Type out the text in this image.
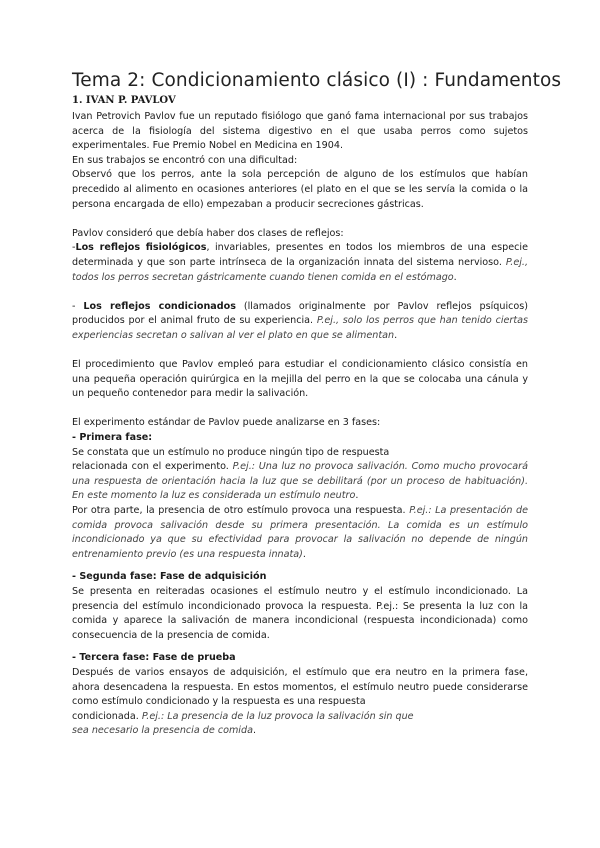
Tema 2: Condicionamiento clásico (I) : Fundamentos
1. IVAN P. PAVLOV

Ivan Petrovich Pavlov fue un reputado fisiólogo que ganó fama internacional por sus trabajos acerca de la fisiología del sistema digestivo en el que usaba perros como sujetos experimentales. Fue Premio Nobel en Medicina en 1904.

En sus trabajos se encontró con una dificultad:

Observó que los perros, ante la sola percepción de alguno de los estímulos que habían precedido al alimento en ocasiones anteriores (el plato en el que se les servía la comida o la persona encargada de ello) empezaban a producir secreciones gástricas.

Pavlov consideró que debía haber dos clases de reflejos:

-Los reflejos fisiológicos, invariables, presentes en todos los miembros de una especie determinada y que son parte intrínseca de la organización innata del sistema nervioso. P.ej., todos los perros secretan gástricamente cuando tienen comida en el estómago.

- Los reflejos condicionados (llamados originalmente por Pavlov reflejos psíquicos) producidos por el animal fruto de su experiencia. P.ej., solo los perros que han tenido ciertas experiencias secretan o salivan al ver el plato en que se alimentan.

El procedimiento que Pavlov empleó para estudiar el condicionamiento clásico consistía en una pequeña operación quirúrgica en la mejilla del perro en la que se colocaba una cánula y un pequeño contenedor para medir la salivación.

El experimento estándar de Pavlov puede analizarse en 3 fases:

- Primera fase:

Se constata que un estímulo no produce ningún tipo de respuesta

relacionada con el experimento. P.ej.: Una luz no provoca salivación. Como mucho provocará una respuesta de orientación hacia la luz que se debilitará (por un proceso de habituación). En este momento la luz es considerada un estímulo neutro.

Por otra parte, la presencia de otro estímulo provoca una respuesta. P.ej.: La presentación de comida provoca salivación desde su primera presentación. La comida es un estímulo incondicionado ya que su efectividad para provocar la salivación no depende de ningún entrenamiento previo (es una respuesta innata).

- Segunda fase: Fase de adquisición

Se presenta en reiteradas ocasiones el estímulo neutro y el estímulo incondicionado. La presencia del estímulo incondicionado provoca la respuesta. P.ej.: Se presenta la luz con la comida y aparece la salivación de manera incondicional (respuesta incondicionada) como consecuencia de la presencia de comida.

- Tercera fase: Fase de prueba

Después de varios ensayos de adquisición, el estímulo que era neutro en la primera fase, ahora desencadena la respuesta. En estos momentos, el estímulo neutro puede considerarse como estímulo condicionado y la respuesta es una respuesta

condicionada. P.ej.: La presencia de la luz provoca la salivación sin que

sea necesario la presencia de comida.
